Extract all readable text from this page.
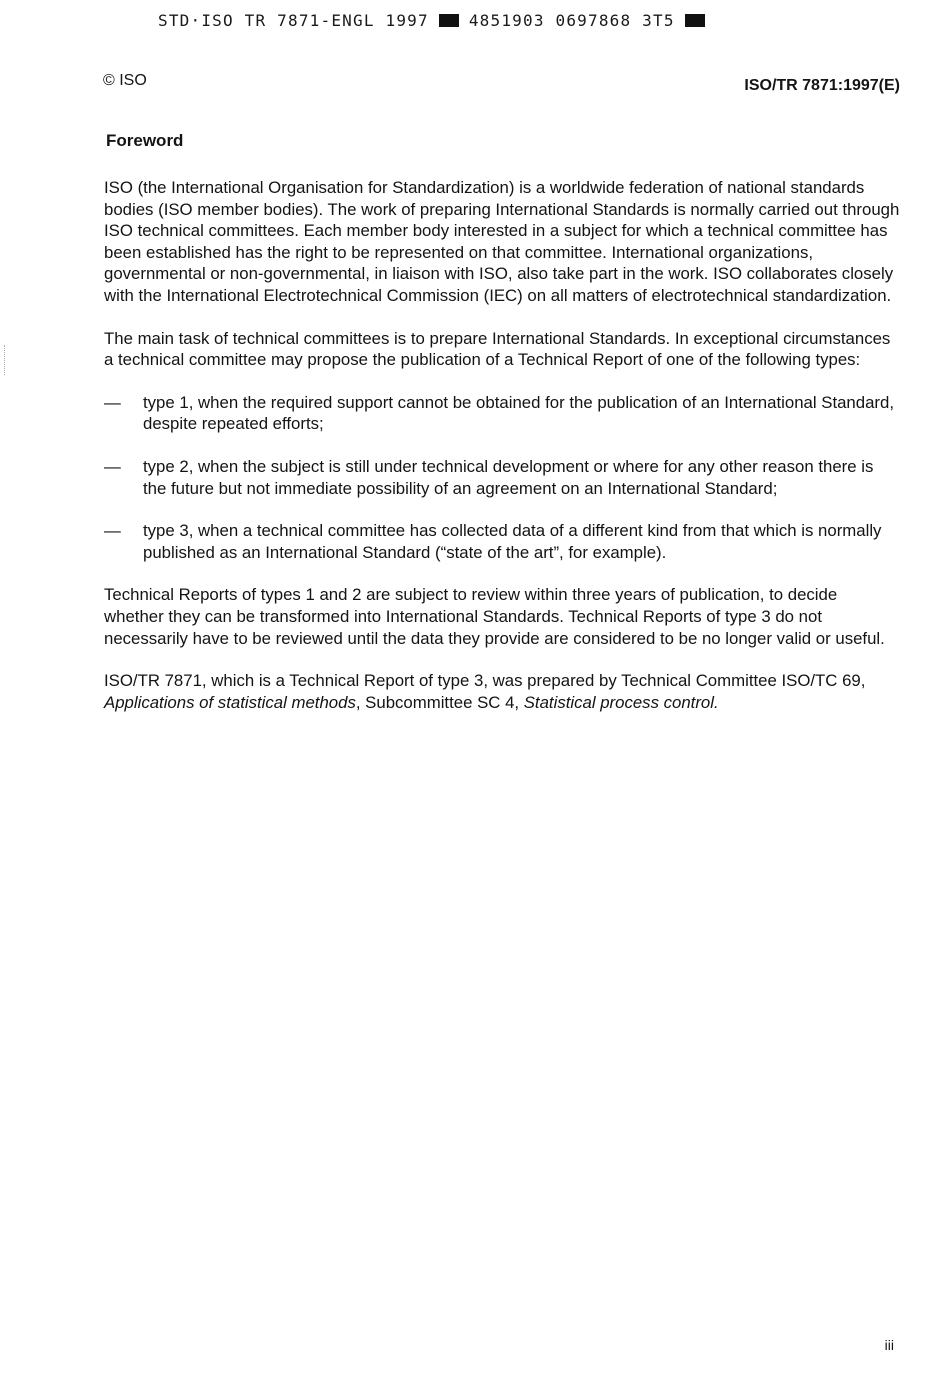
STD·ISO TR 7871-ENGL 1997	4851903 0697868 3T5
© ISO	ISO/TR 7871:1997(E)
Foreword

ISO (the International Organisation for Standardization) is a worldwide federation of national standards bodies (ISO member bodies). The work of preparing International Standards is normally carried out through ISO technical committees. Each member body interested in a subject for which a technical committee has been established has the right to be represented on that committee. International organizations, governmental or non-governmental, in liaison with ISO, also take part in the work. ISO collaborates closely with the International Electrotechnical Commission (IEC) on all matters of electrotechnical standardization.

The main task of technical committees is to prepare International Standards. In exceptional circumstances a technical committee may propose the publication of a Technical Report of one of the following types:

— type 1, when the required support cannot be obtained for the publication of an International Standard, despite repeated efforts;
— type 2, when the subject is still under technical development or where for any other reason there is the future but not immediate possibility of an agreement on an International Standard;
— type 3, when a technical committee has collected data of a different kind from that which is normally published as an International Standard (“state of the art”, for example).

Technical Reports of types 1 and 2 are subject to review within three years of publication, to decide whether they can be transformed into International Standards. Technical Reports of type 3 do not necessarily have to be reviewed until the data they provide are considered to be no longer valid or useful.

ISO/TR 7871, which is a Technical Report of type 3, was prepared by Technical Committee ISO/TC 69, Applications of statistical methods, Subcommittee SC 4, Statistical process control.

iii
